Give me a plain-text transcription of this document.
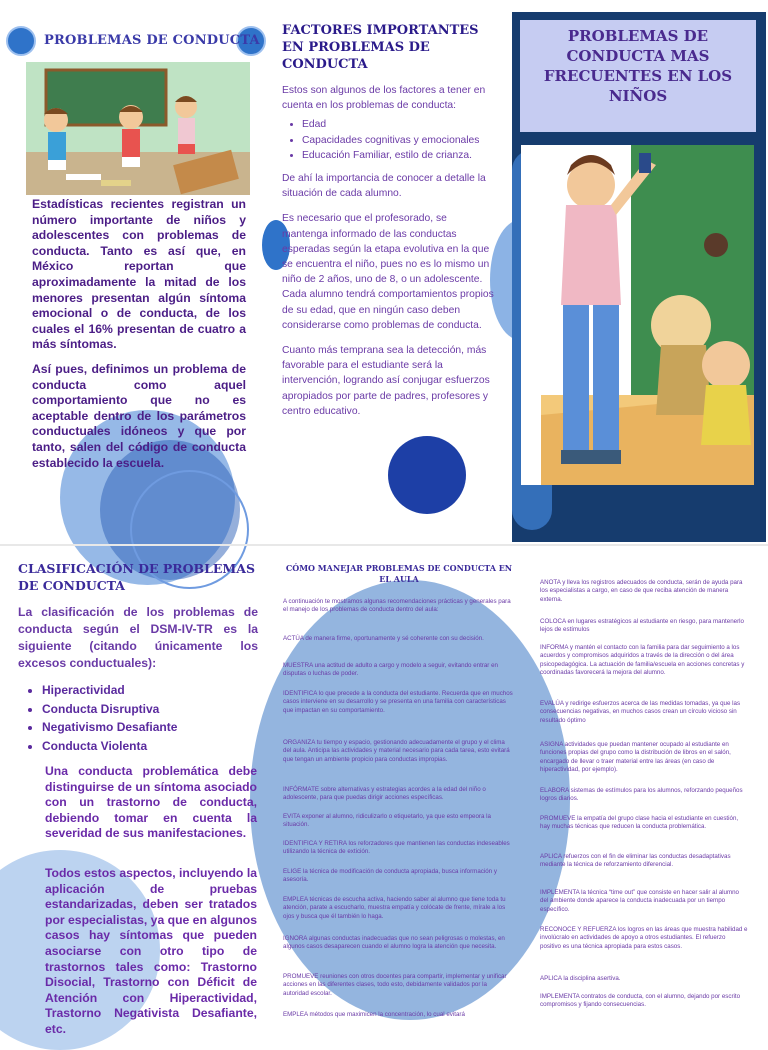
PROBLEMAS DE CONDUCTA

Estadísticas recientes registran un número importante de niños y adolescentes con problemas de conducta. Tanto es así que, en México reportan que aproximadamente la mitad de los menores presentan algún síntoma emocional o de conducta, de los cuales el 16% presentan de cuatro a más síntomas.

Así pues, definimos un problema de conducta como aquel comportamiento que no es aceptable dentro de los parámetros conductuales idóneos y que por tanto, salen del código de conducta establecido la escuela.

FACTORES IMPORTANTES EN PROBLEMAS DE CONDUCTA

Estos son algunos de los factores a tener en cuenta en los problemas de conducta:

• Edad
• Capacidades cognitivas y emocionales
• Educación Familiar, estilo de crianza.

De ahí la importancia de conocer a detalle la situación de cada alumno.

Es necesario que el profesorado, se mantenga informado de las conductas esperadas según la etapa evolutiva en la que se encuentra el niño, pues no es lo mismo un niño de 2 años, uno de 8, o un adolescente. Cada alumno tendrá comportamientos propios de su edad, que en ningún caso deben considerarse como problemas de conducta.

Cuanto más temprana sea la detección, más favorable para el estudiante será la intervención, logrando así conjugar esfuerzos apropiados por parte de padres, profesores y centro educativo.

PROBLEMAS DE CONDUCTA MAS FRECUENTES EN LOS NIÑOS
CLASIFICACIÓN DE PROBLEMAS DE CONDUCTA
La clasificación de los problemas de conducta según el DSM-IV-TR es la siguiente (citando únicamente los excesos conductuales):
• Hiperactividad
• Conducta Disruptiva
• Negativismo Desafiante
• Conducta Violenta

Una conducta problemática debe distinguirse de un síntoma asociado con un trastorno de conducta, debiendo tomar en cuenta la severidad de sus manifestaciones.

Todos estos aspectos, incluyendo la aplicación de pruebas estandarizadas, deben ser tratados por especialistas, ya que en algunos casos hay síntomas que pueden asociarse con otro tipo de trastornos tales como: Trastorno Disocial, Trastorno con Déficit de Atención con Hiperactividad, Trastorno Negativista Desafiante, etc.

CÓMO MANEJAR PROBLEMAS DE CONDUCTA EN EL AULA
A continuación te mostramos algunas recomendaciones prácticas y generales para el manejo de los problemas de conducta dentro del aula:
ACTÚA de manera firme, oportunamente y sé coherente con su decisión.
MUESTRA una actitud de adulto a cargo y modelo a seguir, evitando entrar en disputas o luchas de poder.
IDENTIFICA lo que precede a la conducta del estudiante. Recuerda que en muchos casos interviene en su desarrollo y se presenta en una familia con características que impactan en su comportamiento.
ORGANIZA tu tiempo y espacio, gestionando adecuadamente el grupo y el clima del aula. Anticipa las actividades y material necesario para cada tarea, esto evitará que tengan un ambiente propicio para conductas impropias.
INFÓRMATE sobre alternativas y estrategias acordes a la edad del niño o adolescente, para que puedas dirigir acciones específicas.
EVITA exponer al alumno, ridiculizarlo o etiquetarlo, ya que esto empeora la situación.
IDENTIFICA Y RETIRA los reforzadores que mantienen las conductas indeseables utilizando la técnica de extición.
ELIGE la técnica de modificación de conducta apropiada, busca información y asesoría.
EMPLEA técnicas de escucha activa, haciendo saber al alumno que tiene toda tu atención, parate a escucharlo, muestra empatía y colócate de frente, mírale a los ojos y busca que él también lo haga.
IGNORA algunas conductas inadecuadas que no sean peligrosas o molestas, en algunos casos desaparecen cuando el alumno logra la atención que necesita.
PROMUEVE reuniones con otros docentes para compartir, implementar y unificar acciones en las diferentes clases, todo esto, debidamente validados por la autoridad escolar.
EMPLEA métodos que maximicen la concentración, lo cual evitará
ANOTA y lleva los registros adecuados de conducta, serán de ayuda para los especialistas a cargo, en caso de que reciba atención de manera externa.
COLOCA en lugares estratégicos al estudiante en riesgo, para mantenerlo lejos de estímulos
INFORMA y mantén el contacto con la familia para dar seguimiento a los acuerdos y compromisos adquiridos a través de la dirección o del área psicopedagógica. La actuación de familia/escuela en acciones concretas y coordinadas favorecerá la mejora del alumno.
EVALÚA y redirige esfuerzos acerca de las medidas tomadas, ya que las consecuencias negativas, en muchos casos crean un círculo vicioso sin resultado óptimo
ASIGNA actividades que puedan mantener ocupado al estudiante en funciones propias del grupo como la distribución de libros en el salón, encargado de llevar o traer material entre las áreas (en caso de hiperactividad, por ejemplo).
ELABORA sistemas de estímulos para los alumnos, reforzando pequeños logros diarios.
PROMUEVE la empatía del grupo clase hacia el estudiante en cuestión, hay muchas técnicas que reducen la conducta problemática.
APLICA refuerzos con el fin de eliminar las conductas desadaptativas mediante la técnica de reforzamiento diferencial.
IMPLEMENTA la técnica “time out” que consiste en hacer salir al alumno del ambiente donde aparece la conducta inadecuada por un tiempo específico.
RECONOCE Y REFUERZA los logros en las áreas que muestra habilidad e involúcralo en actividades de apoyo a otros estudiantes. El refuerzo positivo es una técnica apropiada para estos casos.
APLICA la disciplina asertiva.
IMPLEMENTA contratos de conducta, con el alumno, dejando por escrito compromisos y fijando consecuencias.
